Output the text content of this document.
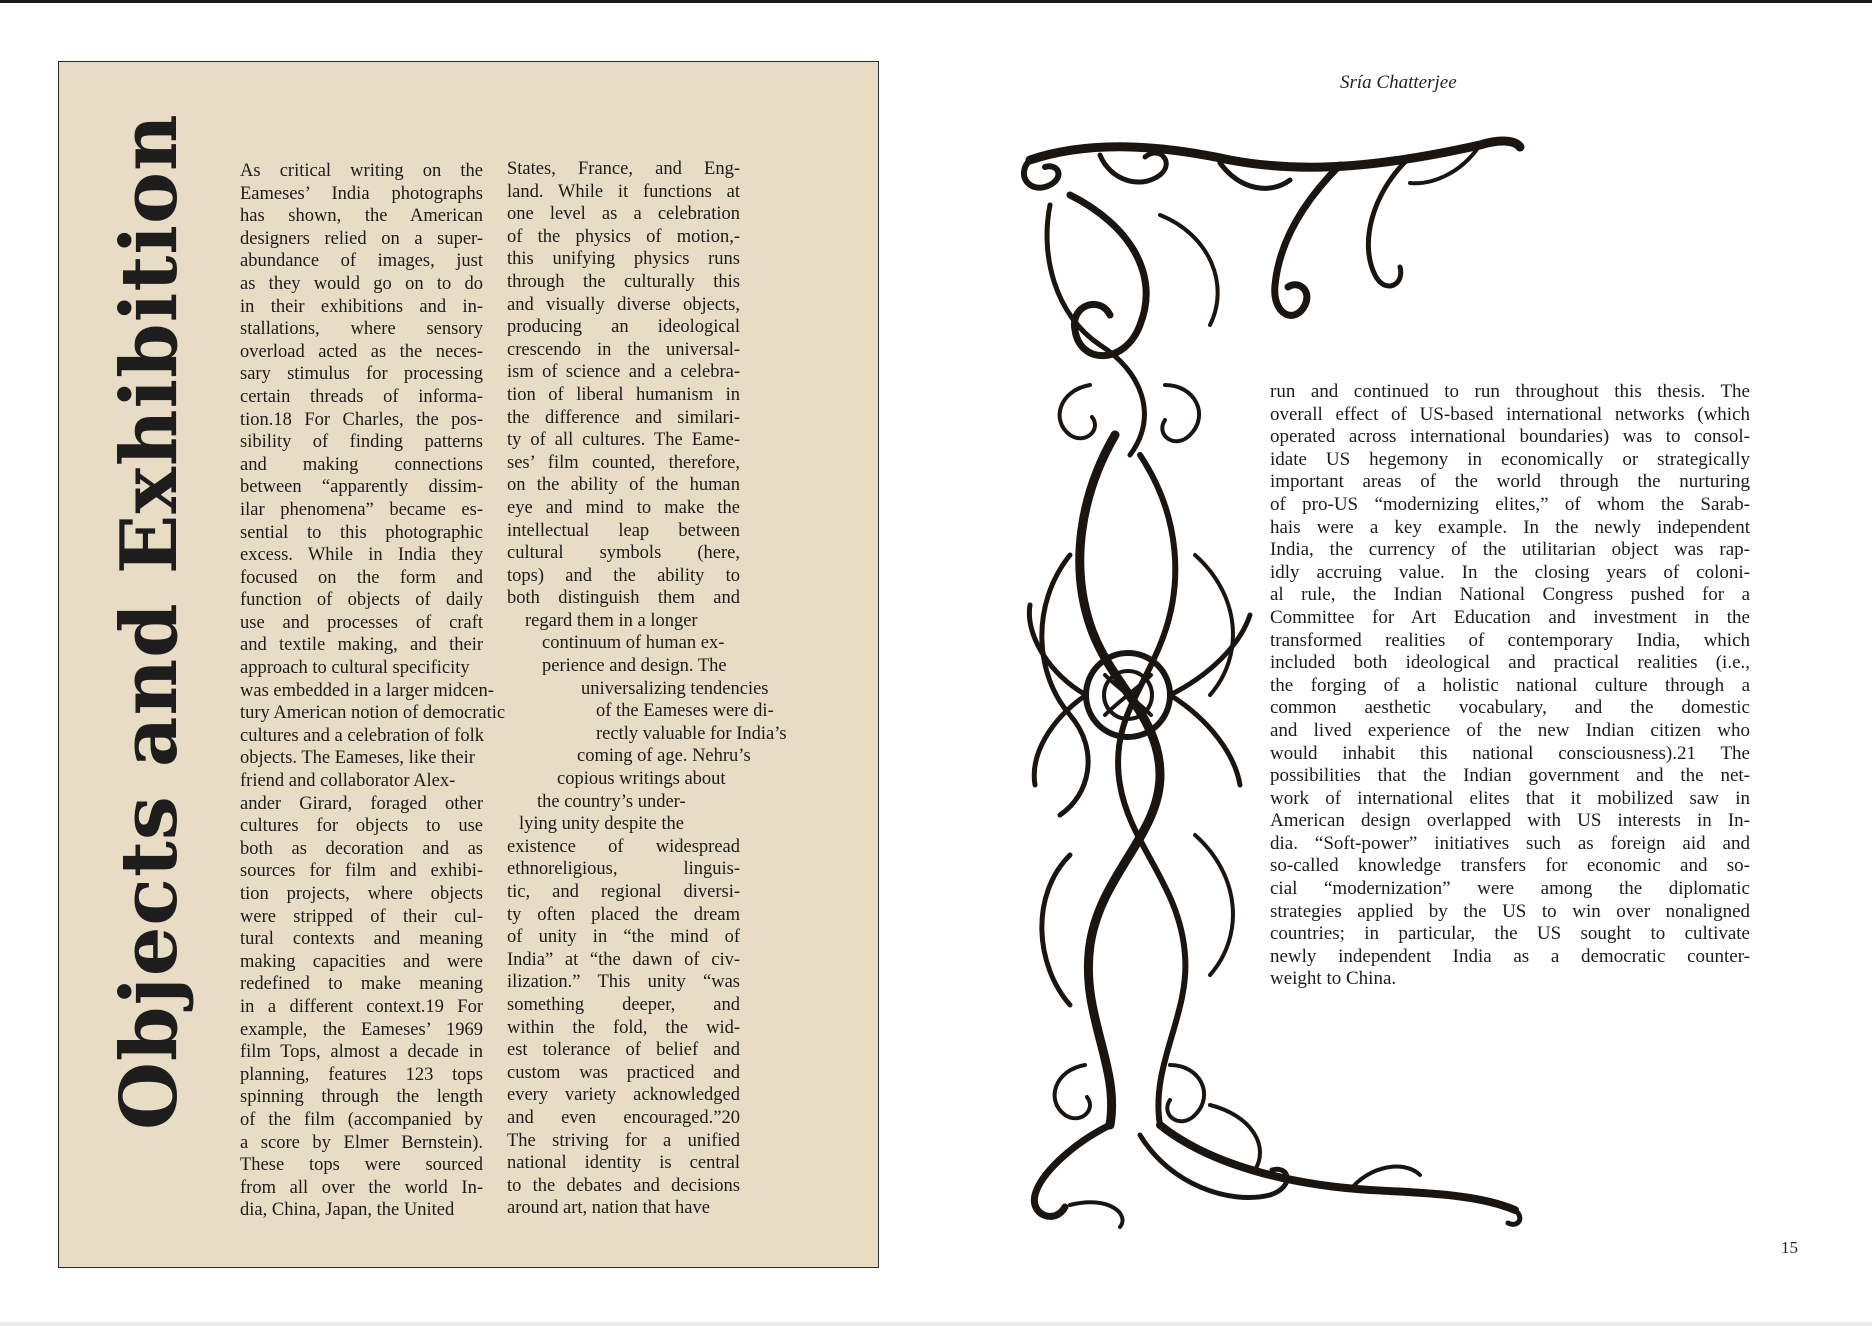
Objects and Exhibition As critical writing on the
Eameses’ India photographs
has shown, the American
designers relied on a super-
abundance of images, just
as they would go on to do
in their exhibitions and in-
stallations, where sensory
overload acted as the neces-
sary stimulus for processing
certain threads of informa-
tion.18 For Charles, the pos-
sibility of finding patterns
and making connections
between “apparently dissim-
ilar phenomena” became es-
sential to this photographic
excess. While in India they
focused on the form and
function of objects of daily
use and processes of craft
and textile making, and their
approach to cultural specificity
was embedded in a larger midcen-
tury American notion of democratic
cultures and a celebration of folk
objects. The Eameses, like their
friend and collaborator Alex-
ander Girard, foraged other
cultures for objects to use
both as decoration and as
sources for film and exhibi-
tion projects, where objects
were stripped of their cul-
tural contexts and meaning
making capacities and were
redefined to make meaning
in a different context.19 For
example, the Eameses’ 1969
film Tops, almost a decade in
planning, features 123 tops
spinning through the length
of the film (accompanied by
a score by Elmer Bernstein).
These tops were sourced
from all over the world In-
dia, China, Japan, the United
States, France, and Eng-
land. While it functions at
one level as a celebration
of the physics of motion,-
this unifying physics runs
through the culturally this
and visually diverse objects,
producing an ideological
crescendo in the universal-
ism of science and a celebra-
tion of liberal humanism in
the difference and similari-
ty of all cultures. The Eame-
ses’ film counted, therefore,
on the ability of the human
eye and mind to make the
intellectual leap between
cultural symbols (here,
tops) and the ability to
both distinguish them and
regard them in a longer
continuum of human ex-
perience and design. The
universalizing tendencies
of the Eameses were di-
rectly valuable for India’s
coming of age. Nehru’s
copious writings about
the country’s under-
lying unity despite the
existence of widespread
ethnoreligious, linguis-
tic, and regional diversi-
ty often placed the dream
of unity in “the mind of
India” at “the dawn of civ-
ilization.” This unity “was
something deeper, and
within the fold, the wid-
est tolerance of belief and
custom was practiced and
every variety acknowledged
and even encouraged.”20
The striving for a unified
national identity is central
to the debates and decisions
around art, nation that have
Sría Chatterjee
run and continued to run throughout this thesis. The
overall effect of US-based international networks (which
operated across international boundaries) was to consol-
idate US hegemony in economically or strategically
important areas of the world through the nurturing
of pro-US “modernizing elites,” of whom the Sarab-
hais were a key example. In the newly independent
India, the currency of the utilitarian object was rap-
idly accruing value. In the closing years of coloni-
al rule, the Indian National Congress pushed for a
Committee for Art Education and investment in the
transformed realities of contemporary India, which
included both ideological and practical realities (i.e.,
the forging of a holistic national culture through a
common aesthetic vocabulary, and the domestic
and lived experience of the new Indian citizen who
would inhabit this national consciousness).21 The
possibilities that the Indian government and the net-
work of international elites that it mobilized saw in
American design overlapped with US interests in In-
dia. “Soft-power” initiatives such as foreign aid and
so-called knowledge transfers for economic and so-
cial “modernization” were among the diplomatic
strategies applied by the US to win over nonaligned
countries; in particular, the US sought to cultivate
newly independent India as a democratic counter-
weight to China.
15
